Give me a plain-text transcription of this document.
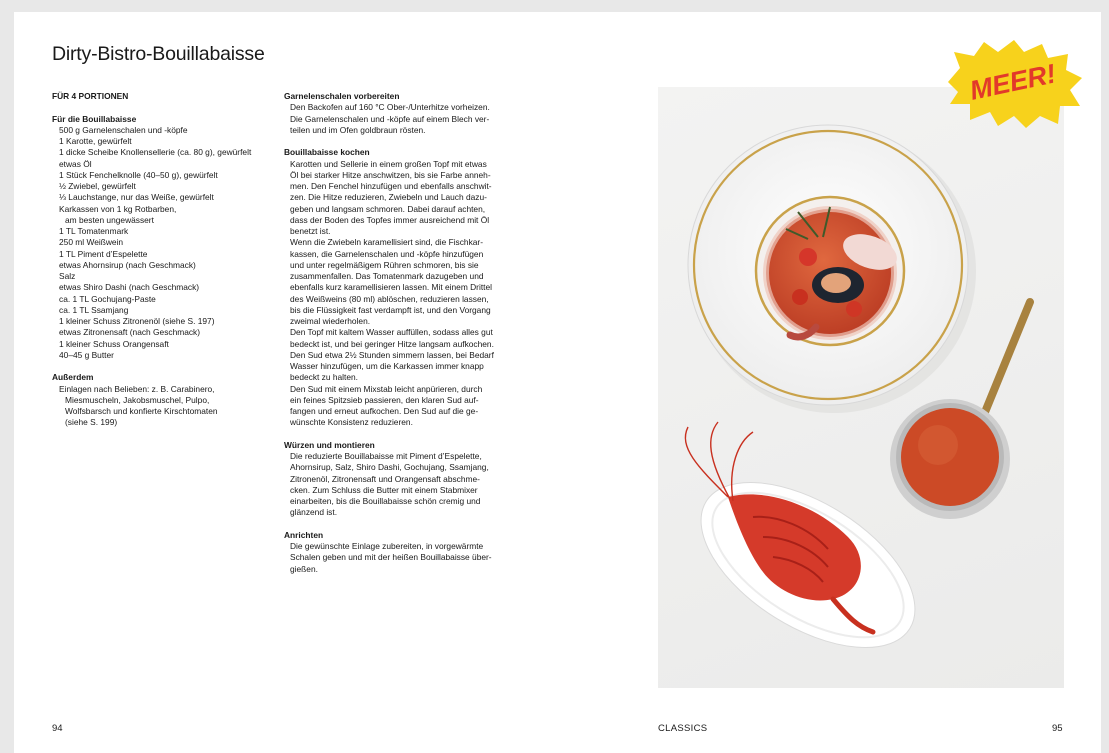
Dirty-Bistro-Bouillabaisse
FÜR 4 PORTIONEN
Für die Bouillabaisse
500 g Garnelenschalen und -köpfe
1 Karotte, gewürfelt
1 dicke Scheibe Knollensellerie (ca. 80 g), gewürfelt
etwas Öl
1 Stück Fenchelknolle (40–50 g), gewürfelt
½ Zwiebel, gewürfelt
⅓ Lauchstange, nur das Weiße, gewürfelt
Karkassen von 1 kg Rotbarben,
am besten ungewässert
1 TL Tomatenmark
250 ml Weißwein
1 TL Piment d’Espelette
etwas Ahornsirup (nach Geschmack)
Salz
etwas Shiro Dashi (nach Geschmack)
ca. 1 TL Gochujang-Paste
ca. 1 TL Ssamjang
1 kleiner Schuss Zitronenöl (siehe S. 197)
etwas Zitronensaft (nach Geschmack)
1 kleiner Schuss Orangensaft
40–45 g Butter
Außerdem
Einlagen nach Belieben: z. B. Carabinero,
Miesmuscheln, Jakobsmuschel, Pulpo,
Wolfsbarsch und konfierte Kirschtomaten
(siehe S. 199)
Garnelenschalen vorbereiten
Den Backofen auf 160 °C Ober-/Unterhitze vorheizen.
Die Garnelenschalen und -köpfe auf einem Blech ver-
teilen und im Ofen goldbraun rösten.
Bouillabaisse kochen
Karotten und Sellerie in einem großen Topf mit etwas
Öl bei starker Hitze anschwitzen, bis sie Farbe anneh-
men. Den Fenchel hinzufügen und ebenfalls anschwit-
zen. Die Hitze reduzieren, Zwiebeln und Lauch dazu-
geben und langsam schmoren. Dabei darauf achten,
dass der Boden des Topfes immer ausreichend mit Öl
benetzt ist.
Wenn die Zwiebeln karamellisiert sind, die Fischkar-
kassen, die Garnelenschalen und -köpfe hinzufügen
und unter regelmäßigem Rühren schmoren, bis sie
zusammenfallen. Das Tomatenmark dazugeben und
ebenfalls kurz karamellisieren lassen. Mit einem Drittel
des Weißweins (80 ml) ablöschen, reduzieren lassen,
bis die Flüssigkeit fast verdampft ist, und den Vorgang
zweimal wiederholen.
Den Topf mit kaltem Wasser auffüllen, sodass alles gut
bedeckt ist, und bei geringer Hitze langsam aufkochen.
Den Sud etwa 2½ Stunden simmern lassen, bei Bedarf
Wasser hinzufügen, um die Karkassen immer knapp
bedeckt zu halten.
Den Sud mit einem Mixstab leicht anpürieren, durch
ein feines Spitzsieb passieren, den klaren Sud auf-
fangen und erneut aufkochen. Den Sud auf die ge-
wünschte Konsistenz reduzieren.
Würzen und montieren
Die reduzierte Bouillabaisse mit Piment d’Espelette,
Ahornsirup, Salz, Shiro Dashi, Gochujang, Ssamjang,
Zitronenöl, Zitronensaft und Orangensaft abschme-
cken. Zum Schluss die Butter mit einem Stabmixer
einarbeiten, bis die Bouillabaisse schön cremig und
glänzend ist.
Anrichten
Die gewünschte Einlage zubereiten, in vorgewärmte
Schalen geben und mit der heißen Bouillabaisse über-
gießen.
MEER!
94	CLASSICS	95
